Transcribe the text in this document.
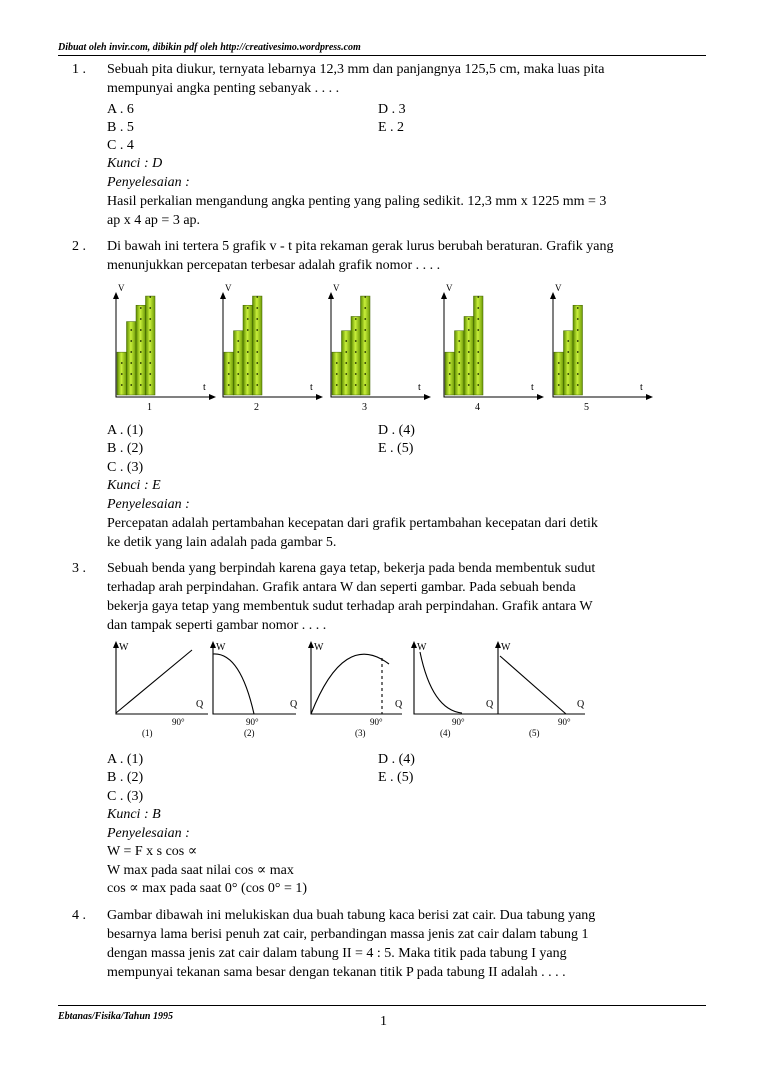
Dibuat oleh invir.com, dibikin pdf oleh http://creativesimo.wordpress.com
1 . Sebuah pita diukur, ternyata lebarnya 12,3 mm dan panjangnya 125,5 cm, maka luas pita
mempunyai angka penting sebanyak . . . .
A . 6	D . 3
B . 5	E . 2
C . 4
Kunci : D
Penyelesaian :
Hasil perkalian mengandung angka penting yang paling sedikit. 12,3 mm x 1225 mm = 3
ap x 4 ap = 3 ap.
2 . Di bawah ini tertera 5 grafik v - t pita rekaman gerak lurus berubah beraturan. Grafik yang
menunjukkan percepatan terbesar adalah grafik nomor . . . .
V
t
1
V
t
2
V
t
3
V
t
4
V
t
5
A . (1)	D . (4)
B . (2)	E . (5)
C . (3)
Kunci : E
Penyelesaian :
Percepatan adalah pertambahan kecepatan dari grafik pertambahan kecepatan dari detik
ke detik yang lain adalah pada gambar 5.
3 . Sebuah benda yang berpindah karena gaya tetap, bekerja pada benda membentuk sudut
terhadap arah perpindahan. Grafik antara W dan seperti gambar. Pada sebuah benda
bekerja gaya tetap yang membentuk sudut terhadap arah perpindahan. Grafik antara W
dan tampak seperti gambar nomor . . . .
W
Q
90°
(1)
W
Q
90°
(2)
W
Q
90°
(3)
W
Q
90°
(4)
W
Q
90°
(5)
A . (1)	D . (4)
B . (2)	E . (5)
C . (3)
Kunci : B
Penyelesaian :
W = F x s cos ∝
W max pada saat nilai cos ∝ max
cos ∝ max pada saat 0° (cos 0° = 1)
4 . Gambar dibawah ini melukiskan dua buah tabung kaca berisi zat cair. Dua tabung yang
besarnya lama berisi penuh zat cair, perbandingan massa jenis zat cair dalam tabung 1
dengan massa jenis zat cair dalam tabung II = 4 : 5. Maka titik pada tabung I yang
mempunyai tekanan sama besar dengan tekanan titik P pada tabung II adalah . . . .
Ebtanas/Fisika/Tahun 1995	1
